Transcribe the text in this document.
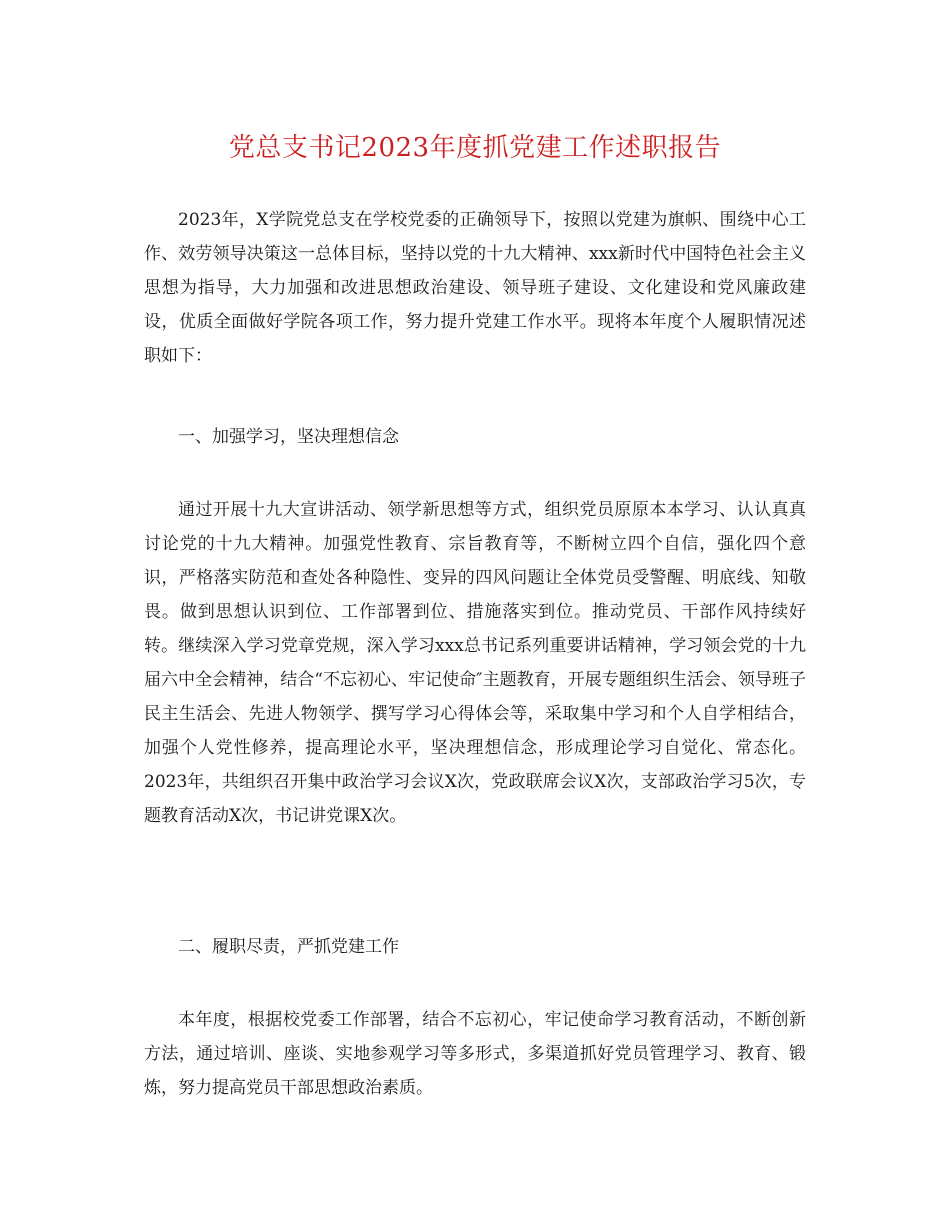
党总支书记2023年度抓党建工作述职报告

2023年，X学院党总支在学校党委的正确领导下，按照以党建为旗帜、围绕中心工作、效劳领导决策这一总体目标，坚持以党的十九大精神、xxx新时代中国特色社会主义思想为指导，大力加强和改进思想政治建设、领导班子建设、文化建设和党风廉政建设，优质全面做好学院各项工作，努力提升党建工作水平。现将本年度个人履职情况述职如下：

一、加强学习，坚决理想信念

通过开展十九大宣讲活动、领学新思想等方式，组织党员原原本本学习、认认真真讨论党的十九大精神。加强党性教育、宗旨教育等，不断树立四个自信，强化四个意识，严格落实防范和查处各种隐性、变异的四风问题让全体党员受警醒、明底线、知敬畏。做到思想认识到位、工作部署到位、措施落实到位。推动党员、干部作风持续好转。继续深入学习党章党规，深入学习xxx总书记系列重要讲话精神，学习领会党的十九届六中全会精神，结合“不忘初心、牢记使命″主题教育，开展专题组织生活会、领导班子民主生活会、先进人物领学、撰写学习心得体会等，采取集中学习和个人自学相结合，加强个人党性修养，提高理论水平，坚决理想信念，形成理论学习自觉化、常态化。2023年，共组织召开集中政治学习会议X次，党政联席会议X次，支部政治学习5次，专题教育活动X次，书记讲党课X次。

二、履职尽责，严抓党建工作

本年度，根据校党委工作部署，结合不忘初心，牢记使命学习教育活动，不断创新方法，通过培训、座谈、实地参观学习等多形式，多渠道抓好党员管理学习、教育、锻炼，努力提高党员干部思想政治素质。
